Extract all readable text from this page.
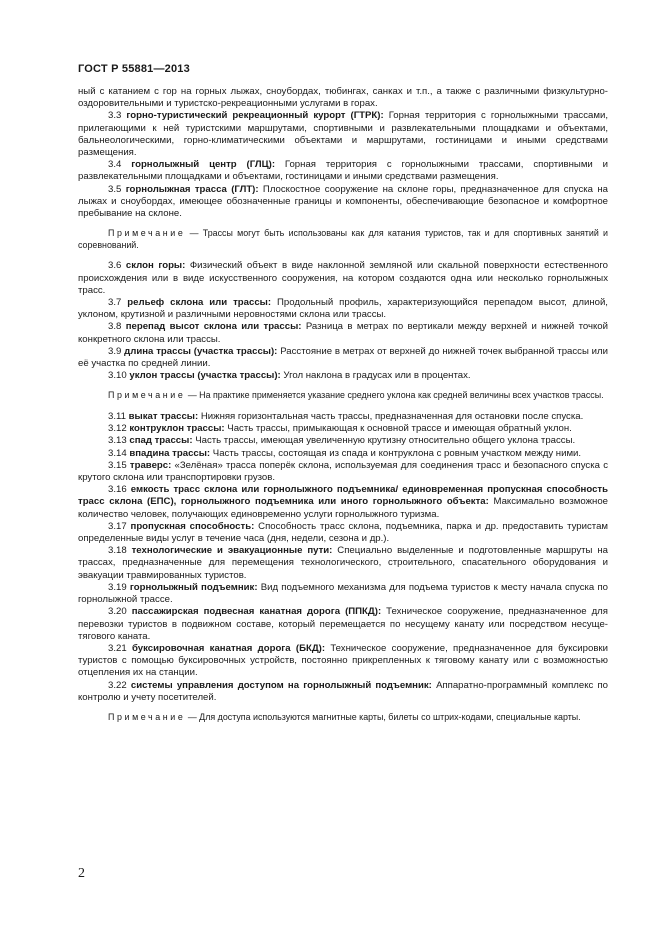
ГОСТ Р 55881—2013

ный с катанием с гор на горных лыжах, сноубордах, тюбингах, санках и т.п., а также с различными физкультурно-оздоровительными и туристско-рекреационными услугами в горах.

3.3 горно-туристический рекреационный курорт (ГТРК): Горная территория с горнолыжными трассами, прилегающими к ней туристскими маршрутами, спортивными и развлекательными площадками и объектами, бальнеологическими, горно-климатическими объектами и маршрутами, гостиницами и иными средствами размещения.

3.4 горнолыжный центр (ГЛЦ): Горная территория с горнолыжными трассами, спортивными и развлекательными площадками и объектами, гостиницами и иными средствами размещения.

3.5 горнолыжная трасса (ГЛТ): Плоскостное сооружение на склоне горы, предназначенное для спуска на лыжах и сноубордах, имеющее обозначенные границы и компоненты, обеспечивающие безопасное и комфортное пребывание на склоне.

Примечание — Трассы могут быть использованы как для катания туристов, так и для спортивных занятий и соревнований.

3.6 склон горы: Физический объект в виде наклонной земляной или скальной поверхности естественного происхождения или в виде искусственного сооружения, на котором создаются одна или несколько горнолыжных трасс.

3.7 рельеф склона или трассы: Продольный профиль, характеризующийся перепадом высот, длиной, уклоном, крутизной и различными неровностями склона или трассы.

3.8 перепад высот склона или трассы: Разница в метрах по вертикали между верхней и нижней точкой конкретного склона или трассы.

3.9 длина трассы (участка трассы): Расстояние в метрах от верхней до нижней точек выбранной трассы или её участка по средней линии.

3.10 уклон трассы (участка трассы): Угол наклона в градусах или в процентах.

Примечание — На практике применяется указание среднего уклона как средней величины всех участков трассы.

3.11 выкат трассы: Нижняя горизонтальная часть трассы, предназначенная для остановки после спуска.

3.12 контруклон трассы: Часть трассы, примыкающая к основной трассе и имеющая обратный уклон.

3.13 спад трассы: Часть трассы, имеющая увеличенную крутизну относительно общего уклона трассы.

3.14 впадина трассы: Часть трассы, состоящая из спада и контруклона с ровным участком между ними.

3.15 траверс: «Зелёная» трасса поперёк склона, используемая для соединения трасс и безопасного спуска с крутого склона или транспортировки грузов.

3.16 емкость трасс склона или горнолыжного подъемника/ единовременная пропускная способность трасс склона (ЕПС), горнолыжного подъемника или иного горнолыжного объекта: Максимально возможное количество человек, получающих единовременно услуги горнолыжного туризма.

3.17 пропускная способность: Способность трасс склона, подъемника, парка и др. предоставить туристам определенные виды услуг в течение часа (дня, недели, сезона и др.).

3.18 технологические и эвакуационные пути: Специально выделенные и подготовленные маршруты на трассах, предназначенные для перемещения технологического, строительного, спасательного оборудования и эвакуации травмированных туристов.

3.19 горнолыжный подъемник: Вид подъемного механизма для подъема туристов к месту начала спуска по горнолыжной трассе.

3.20 пассажирская подвесная канатная дорога (ППКД): Техническое сооружение, предназначенное для перевозки туристов в подвижном составе, который перемещается по несущему канату или посредством несуще-тягового каната.

3.21 буксировочная канатная дорога (БКД): Техническое сооружение, предназначенное для буксировки туристов с помощью буксировочных устройств, постоянно прикрепленных к тяговому канату или с возможностью отцепления их на станции.

3.22 системы управления доступом на горнолыжный подъемник: Аппаратно-программный комплекс по контролю и учету посетителей.

Примечание — Для доступа используются магнитные карты, билеты со штрих-кодами, специальные карты.

2
